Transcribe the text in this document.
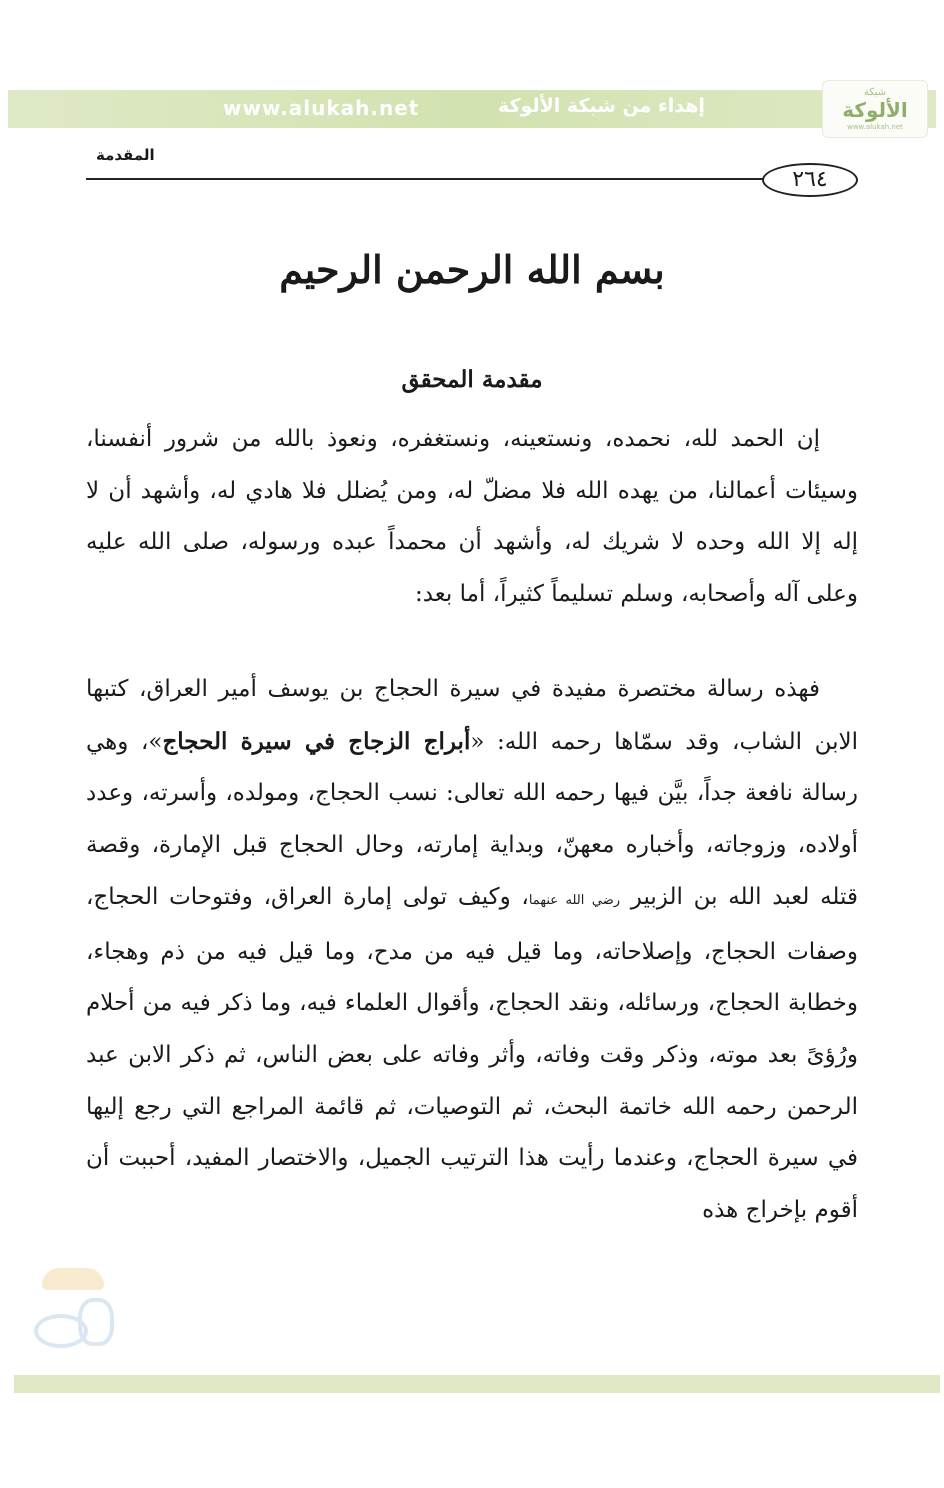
www.alukah.net	إهداء من شبكة الألوكة
شبكة
الألوكة
www.alukah.net
المقدمة
٢٦٤
بسم الله الرحمن الرحيم
مقدمة المحقق

إن الحمد لله، نحمده، ونستعينه، ونستغفره، ونعوذ بالله من شرور أنفسنا، وسيئات أعمالنا، من يهده الله فلا مضلّ له، ومن يُضلل فلا هادي له، وأشهد أن لا إله إلا الله وحده لا شريك له، وأشهد أن محمداً عبده ورسوله، صلى الله عليه وعلى آله وأصحابه، وسلم تسليماً كثيراً، أما بعد:

فهذه رسالة مختصرة مفيدة في سيرة الحجاج بن يوسف أمير العراق، كتبها الابن الشاب، وقد سمّاها رحمه الله: «أبراج الزجاج في سيرة الحجاج»، وهي رسالة نافعة جداً، بيَّن فيها رحمه الله تعالى: نسب الحجاج، ومولده، وأسرته، وعدد أولاده، وزوجاته، وأخباره معهنّ، وبداية إمارته، وحال الحجاج قبل الإمارة، وقصة قتله لعبد الله بن الزبير رضي الله عنهما، وكيف تولى إمارة العراق، وفتوحات الحجاج، وصفات الحجاج، وإصلاحاته، وما قيل فيه من مدح، وما قيل فيه من ذم وهجاء، وخطابة الحجاج، ورسائله، ونقد الحجاج، وأقوال العلماء فيه، وما ذكر فيه من أحلام ورُؤىً بعد موته، وذكر وقت وفاته، وأثر وفاته على بعض الناس، ثم ذكر الابن عبد الرحمن رحمه الله خاتمة البحث، ثم التوصيات، ثم قائمة المراجع التي رجع إليها في سيرة الحجاج، وعندما رأيت هذا الترتيب الجميل، والاختصار المفيد، أحببت أن أقوم بإخراج هذه
